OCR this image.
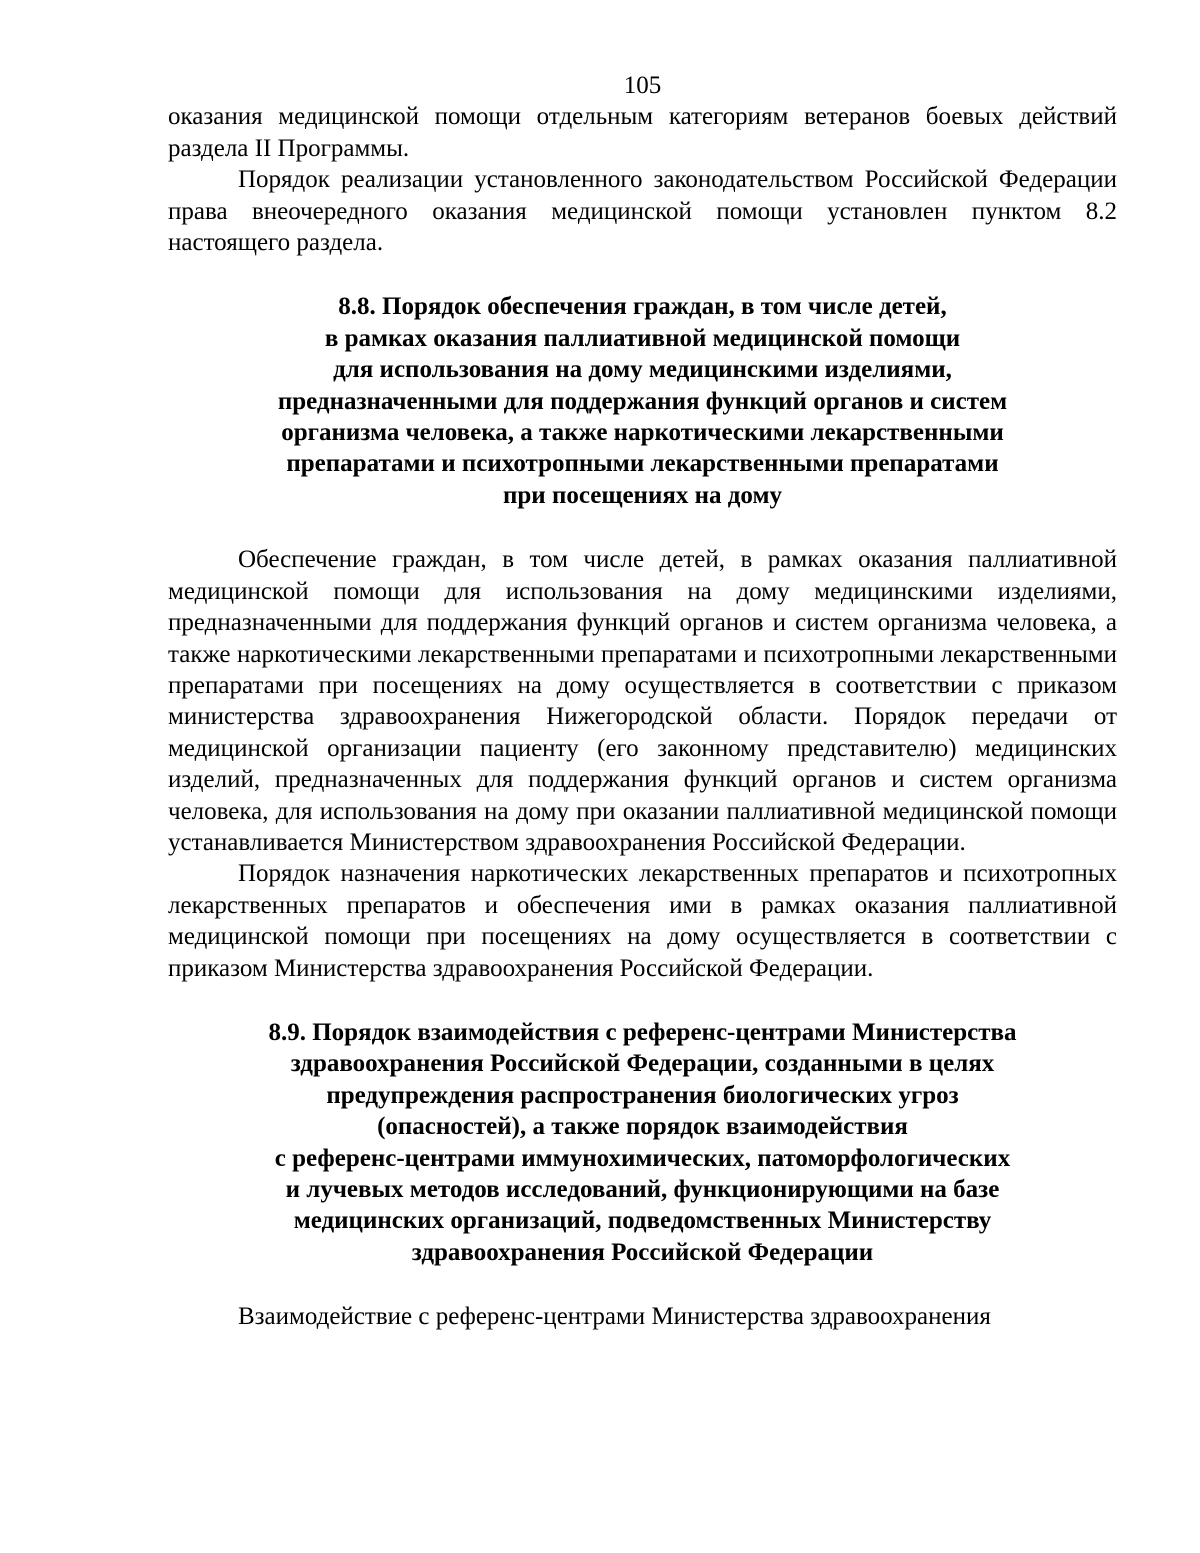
105

оказания медицинской помощи отдельным категориям ветеранов боевых действий раздела II Программы.

Порядок реализации установленного законодательством Российской Федерации права внеочередного оказания медицинской помощи установлен пунктом 8.2 настоящего раздела.

8.8. Порядок обеспечения граждан, в том числе детей,
в рамках оказания паллиативной медицинской помощи
для использования на дому медицинскими изделиями,
предназначенными для поддержания функций органов и систем
организма человека, а также наркотическими лекарственными
препаратами и психотропными лекарственными препаратами
при посещениях на дому

Обеспечение граждан, в том числе детей, в рамках оказания паллиативной медицинской помощи для использования на дому медицинскими изделиями, предназначенными для поддержания функций органов и систем организма человека, а также наркотическими лекарственными препаратами и психотропными лекарственными препаратами при посещениях на дому осуществляется в соответствии с приказом министерства здравоохранения Нижегородской области. Порядок передачи от медицинской организации пациенту (его законному представителю) медицинских изделий, предназначенных для поддержания функций органов и систем организма человека, для использования на дому при оказании паллиативной медицинской помощи устанавливается Министерством здравоохранения Российской Федерации.

Порядок назначения наркотических лекарственных препаратов и психотропных лекарственных препаратов и обеспечения ими в рамках оказания паллиативной медицинской помощи при посещениях на дому осуществляется в соответствии с приказом Министерства здравоохранения Российской Федерации.

8.9. Порядок взаимодействия с референс-центрами Министерства
здравоохранения Российской Федерации, созданными в целях
предупреждения распространения биологических угроз
(опасностей), а также порядок взаимодействия
с референс-центрами иммунохимических, патоморфологических
и лучевых методов исследований, функционирующими на базе
медицинских организаций, подведомственных Министерству
здравоохранения Российской Федерации

Взаимодействие с референс-центрами Министерства здравоохранения
